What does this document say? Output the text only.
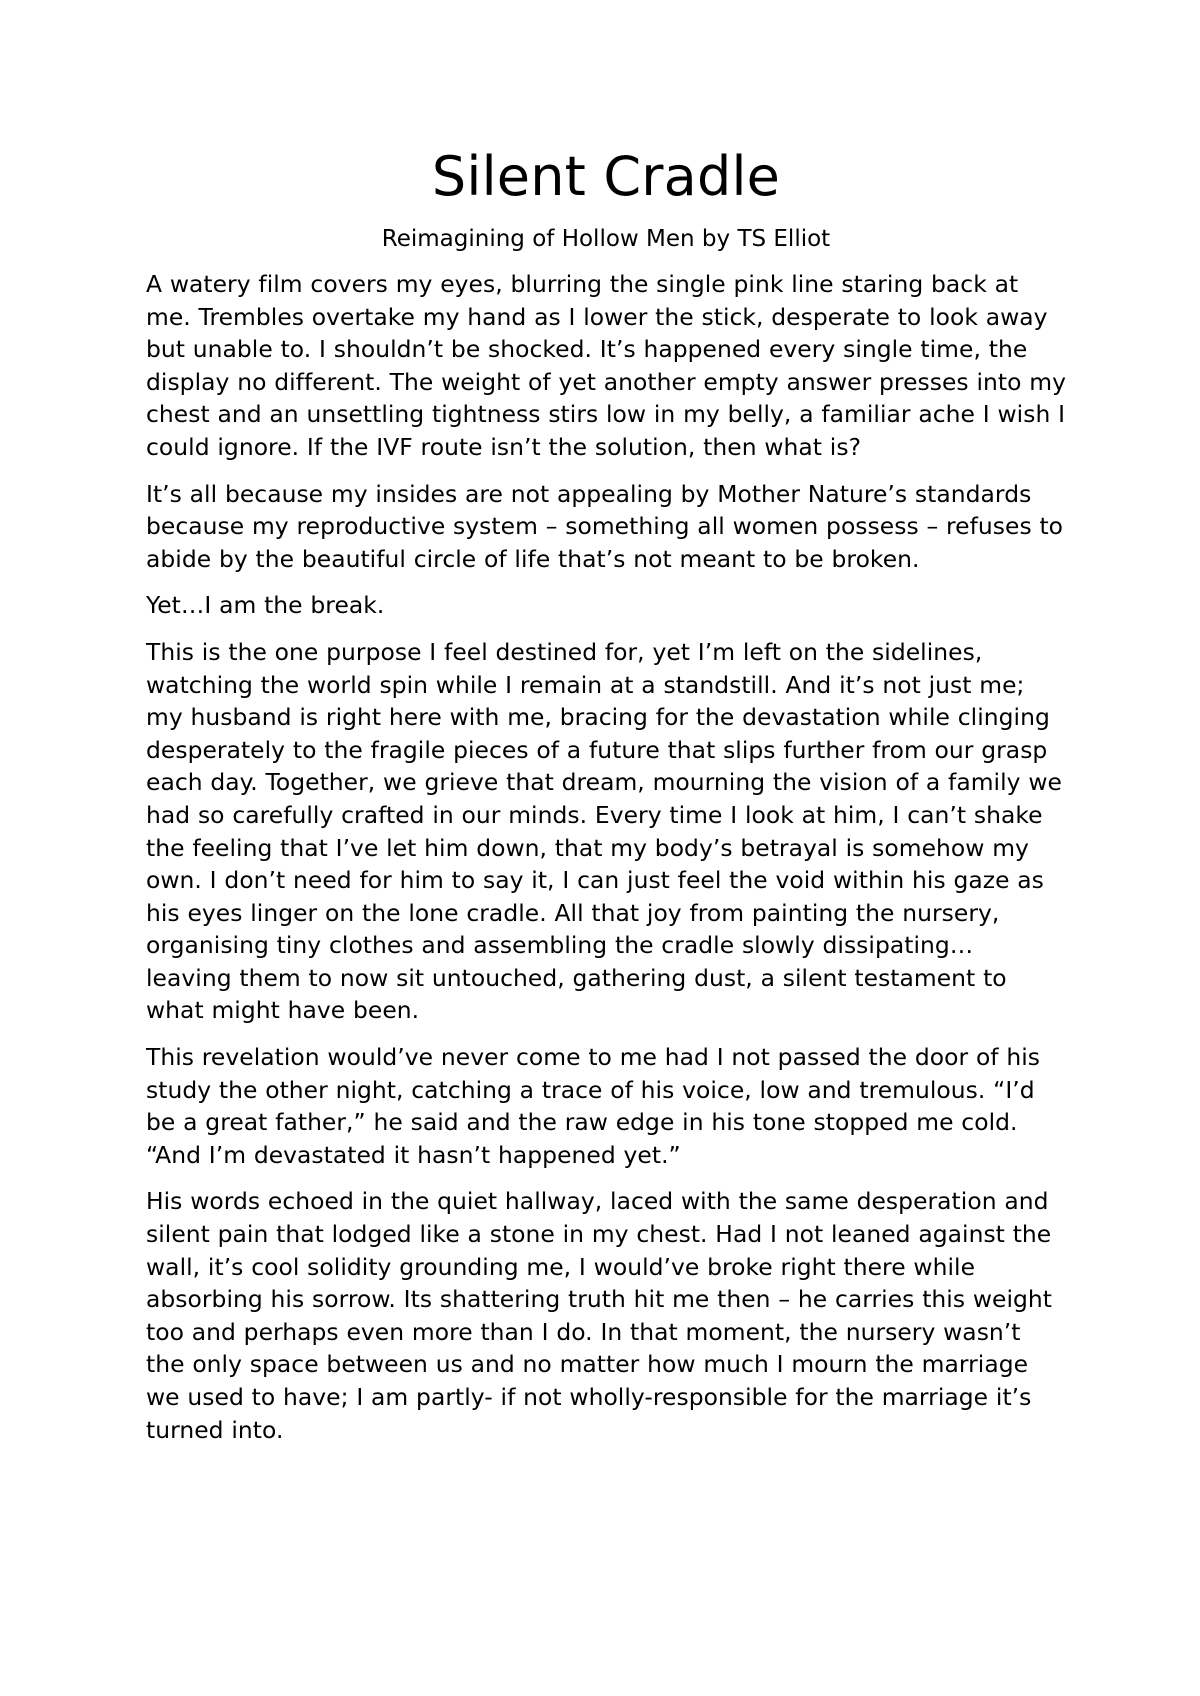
Silent Cradle
Reimagining of Hollow Men by TS Elliot

A watery film covers my eyes, blurring the single pink line staring back at me. Trembles overtake my hand as I lower the stick, desperate to look away but unable to. I shouldn’t be shocked. It’s happened every single time, the display no different. The weight of yet another empty answer presses into my chest and an unsettling tightness stirs low in my belly, a familiar ache I wish I could ignore. If the IVF route isn’t the solution, then what is?

It’s all because my insides are not appealing by Mother Nature’s standards because my reproductive system – something all women possess – refuses to abide by the beautiful circle of life that’s not meant to be broken.

Yet…I am the break.

This is the one purpose I feel destined for, yet I’m left on the sidelines, watching the world spin while I remain at a standstill. And it’s not just me; my husband is right here with me, bracing for the devastation while clinging desperately to the fragile pieces of a future that slips further from our grasp each day. Together, we grieve that dream, mourning the vision of a family we had so carefully crafted in our minds. Every time I look at him, I can’t shake the feeling that I’ve let him down, that my body’s betrayal is somehow my own. I don’t need for him to say it, I can just feel the void within his gaze as his eyes linger on the lone cradle. All that joy from painting the nursery, organising tiny clothes and assembling the cradle slowly dissipating… leaving them to now sit untouched, gathering dust, a silent testament to what might have been.

This revelation would’ve never come to me had I not passed the door of his study the other night, catching a trace of his voice, low and tremulous. “I’d be a great father,” he said and the raw edge in his tone stopped me cold. “And I’m devastated it hasn’t happened yet.”

His words echoed in the quiet hallway, laced with the same desperation and silent pain that lodged like a stone in my chest. Had I not leaned against the wall, it’s cool solidity grounding me, I would’ve broke right there while absorbing his sorrow. Its shattering truth hit me then – he carries this weight too and perhaps even more than I do. In that moment, the nursery wasn’t the only space between us and no matter how much I mourn the marriage we used to have; I am partly- if not wholly-responsible for the marriage it’s turned into.
